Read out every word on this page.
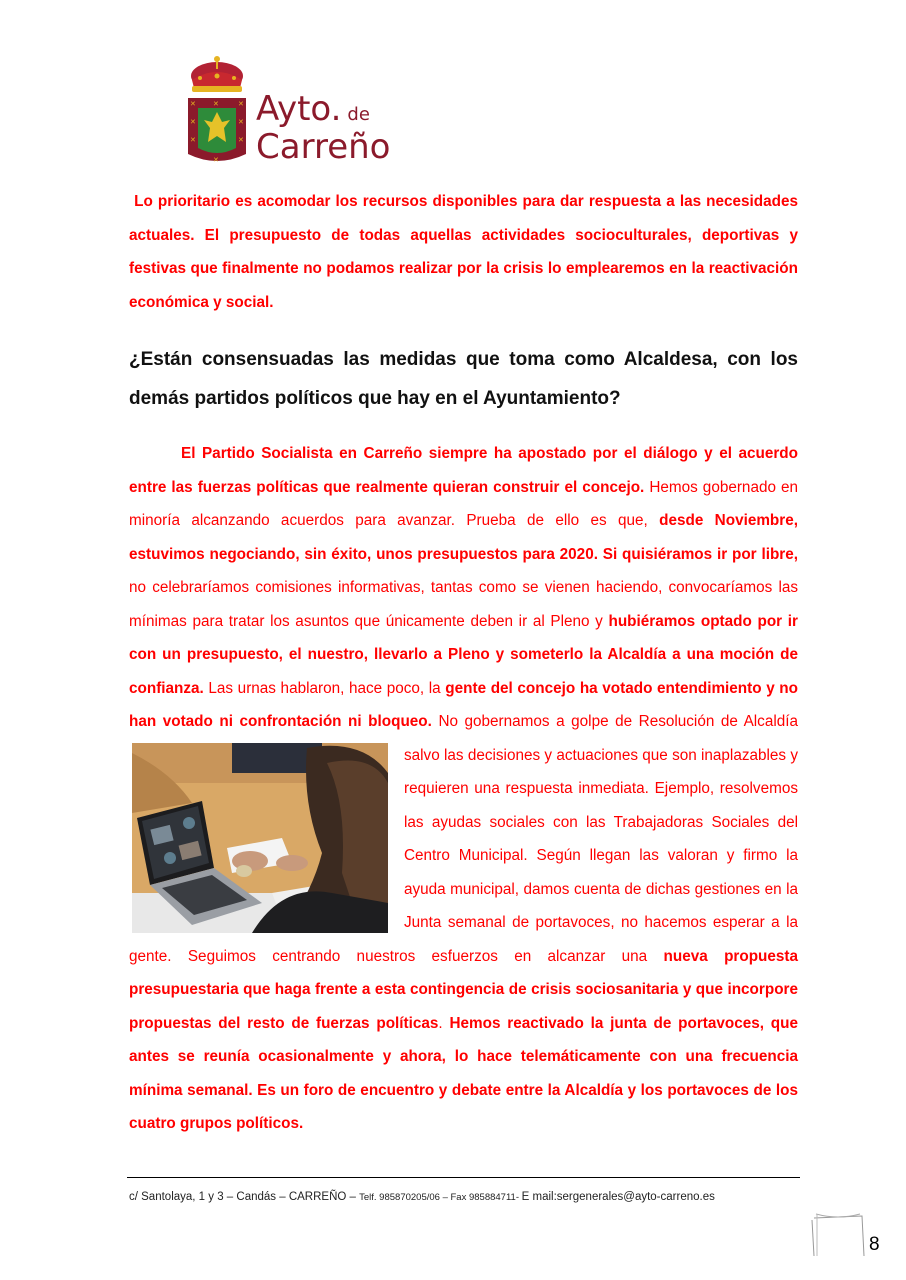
✕	✕
✕	✕
✕	✕
✕
✕
Ayto. de
Carreño
Lo prioritario es acomodar los recursos disponibles para dar respuesta a las necesidades actuales. El presupuesto de todas aquellas actividades socioculturales, deportivas y festivas que finalmente no podamos realizar por la crisis lo emplearemos en la reactivación económica y social.
¿Están consensuadas las medidas que toma como Alcaldesa, con los demás partidos políticos que hay en el Ayuntamiento?
El Partido Socialista en Carreño siempre ha apostado por el diálogo y el acuerdo entre las fuerzas políticas que realmente quieran construir el concejo. Hemos gobernado en minoría alcanzando acuerdos para avanzar. Prueba de ello es que, desde Noviembre, estuvimos negociando, sin éxito, unos presupuestos para 2020. Si quisiéramos ir por libre, no celebraríamos comisiones informativas, tantas como se vienen haciendo, convocaríamos las mínimas para tratar los asuntos que únicamente deben ir al Pleno y hubiéramos optado por ir con un presupuesto, el nuestro, llevarlo a Pleno y someterlo la Alcaldía a una moción de confianza. Las urnas hablaron, hace poco, la gente del concejo ha votado entendimiento y no han votado ni confrontación ni bloqueo. No gobernamos
a golpe de Resolución de Alcaldía salvo las decisiones y actuaciones que son inaplazables y requieren una respuesta inmediata. Ejemplo, resolvemos las ayudas sociales con las Trabajadoras Sociales del Centro Municipal. Según llegan las valoran y firmo la ayuda municipal, damos cuenta de dichas gestiones en la Junta semanal de portavoces, no hacemos esperar a la gente. Seguimos centrando nuestros esfuerzos en alcanzar una nueva propuesta presupuestaria que haga frente a esta contingencia de crisis sociosanitaria y que incorpore propuestas del resto de fuerzas políticas. Hemos reactivado la junta de portavoces, que antes se reunía ocasionalmente y ahora, lo hace telemáticamente con una frecuencia mínima semanal. Es un foro de encuentro y debate entre la Alcaldía y los portavoces de los cuatro grupos políticos.
c/ Santolaya, 1 y 3 – Candás – CARREÑO – Telf. 985870205/06 – Fax 985884711- E mail:sergenerales@ayto-carreno.es
8
